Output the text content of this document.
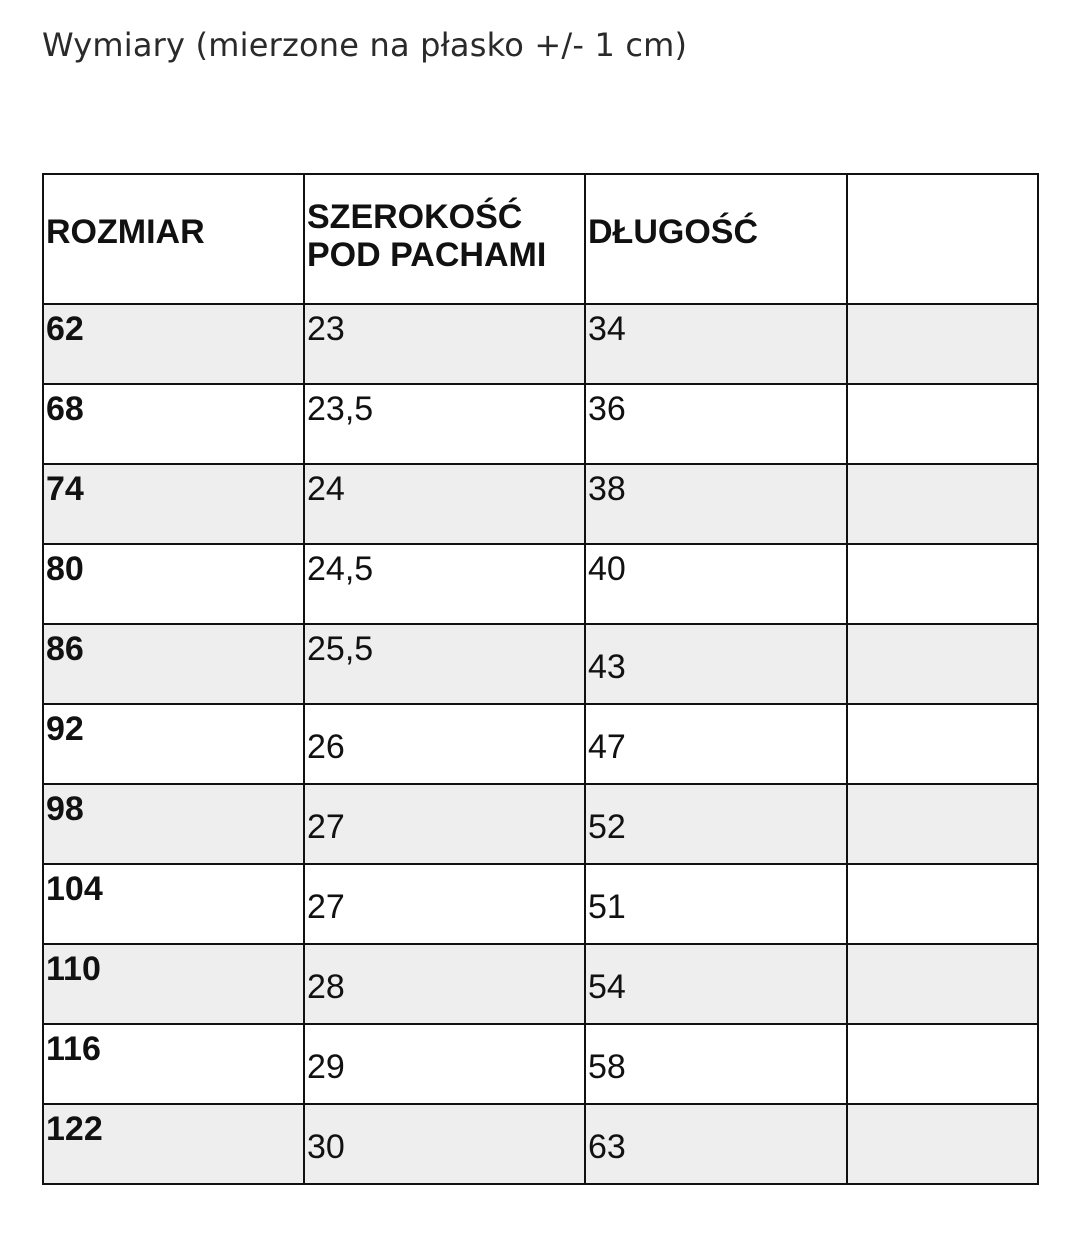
Wymiary (mierzone na płasko +/- 1 cm)
ROZMIAR	SZEROKOŚĆ POD PACHAMI	DŁUGOŚĆ	

62	23	34	

68	23,5	36	

74	24	38	

80	24,5	40	

86	25,5	43	

92	26	47	

98	27	52	

104	27	51	

110	28	54	

116	29	58	

122	30	63	
